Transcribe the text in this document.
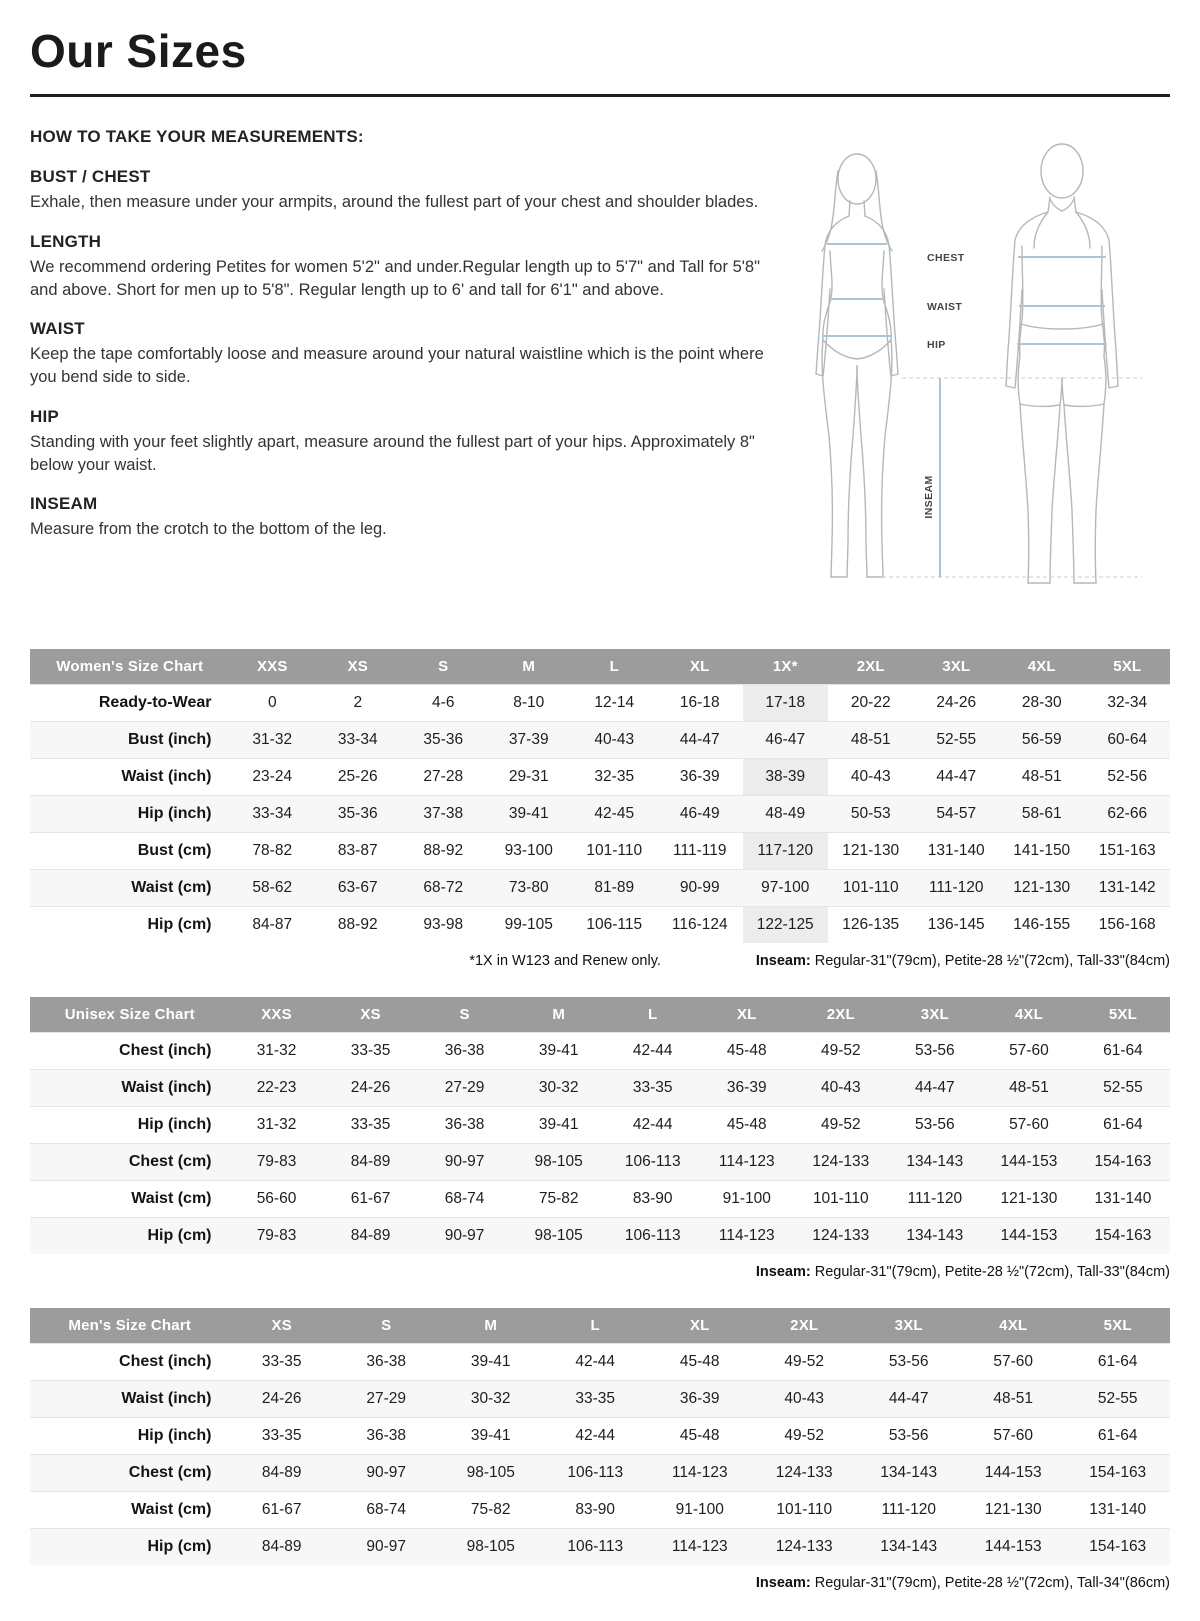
Our Sizes
HOW TO TAKE YOUR MEASUREMENTS:

BUST / CHEST

Exhale, then measure under your armpits, around the fullest part of your chest and shoulder blades.

LENGTH

We recommend ordering Petites for women 5'2" and under.Regular length up to 5'7" and Tall for 5'8" and above. Short for men up to 5'8". Regular length up to 6' and tall for 6'1" and above.

WAIST

Keep the tape comfortably loose and measure around your natural waistline which is the point where you bend side to side.

HIP

Standing with your feet slightly apart, measure around the fullest part of your hips. Approximately 8" below your waist.

INSEAM

Measure from the crotch to the bottom of the leg.

CHEST
WAIST
HIP
INSEAM
Women's Size Chart	XXS	XS	S	M	L	XL	1X*	2XL	3XL	4XL	5XL
Ready-to-Wear	0	2	4-6	8-10	12-14	16-18	17-18	20-22	24-26	28-30	32-34
Bust (inch)	31-32	33-34	35-36	37-39	40-43	44-47	46-47	48-51	52-55	56-59	60-64
Waist (inch)	23-24	25-26	27-28	29-31	32-35	36-39	38-39	40-43	44-47	48-51	52-56
Hip (inch)	33-34	35-36	37-38	39-41	42-45	46-49	48-49	50-53	54-57	58-61	62-66
Bust (cm)	78-82	83-87	88-92	93-100	101-110	111-119	117-120	121-130	131-140	141-150	151-163
Waist (cm)	58-62	63-67	68-72	73-80	81-89	90-99	97-100	101-110	111-120	121-130	131-142
Hip (cm)	84-87	88-92	93-98	99-105	106-115	116-124	122-125	126-135	136-145	146-155	156-168
*1X in W123 and Renew only.	Inseam: Regular-31"(79cm), Petite-28 ½"(72cm), Tall-33"(84cm)
Unisex Size Chart	XXS	XS	S	M	L	XL	2XL	3XL	4XL	5XL
Chest (inch)	31-32	33-35	36-38	39-41	42-44	45-48	49-52	53-56	57-60	61-64
Waist (inch)	22-23	24-26	27-29	30-32	33-35	36-39	40-43	44-47	48-51	52-55
Hip (inch)	31-32	33-35	36-38	39-41	42-44	45-48	49-52	53-56	57-60	61-64
Chest (cm)	79-83	84-89	90-97	98-105	106-113	114-123	124-133	134-143	144-153	154-163
Waist (cm)	56-60	61-67	68-74	75-82	83-90	91-100	101-110	111-120	121-130	131-140
Hip (cm)	79-83	84-89	90-97	98-105	106-113	114-123	124-133	134-143	144-153	154-163
Inseam: Regular-31"(79cm), Petite-28 ½"(72cm), Tall-33"(84cm)
Men's Size Chart	XS	S	M	L	XL	2XL	3XL	4XL	5XL
Chest (inch)	33-35	36-38	39-41	42-44	45-48	49-52	53-56	57-60	61-64
Waist (inch)	24-26	27-29	30-32	33-35	36-39	40-43	44-47	48-51	52-55
Hip (inch)	33-35	36-38	39-41	42-44	45-48	49-52	53-56	57-60	61-64
Chest (cm)	84-89	90-97	98-105	106-113	114-123	124-133	134-143	144-153	154-163
Waist (cm)	61-67	68-74	75-82	83-90	91-100	101-110	111-120	121-130	131-140
Hip (cm)	84-89	90-97	98-105	106-113	114-123	124-133	134-143	144-153	154-163
Inseam: Regular-31"(79cm), Petite-28 ½"(72cm), Tall-34"(86cm)
